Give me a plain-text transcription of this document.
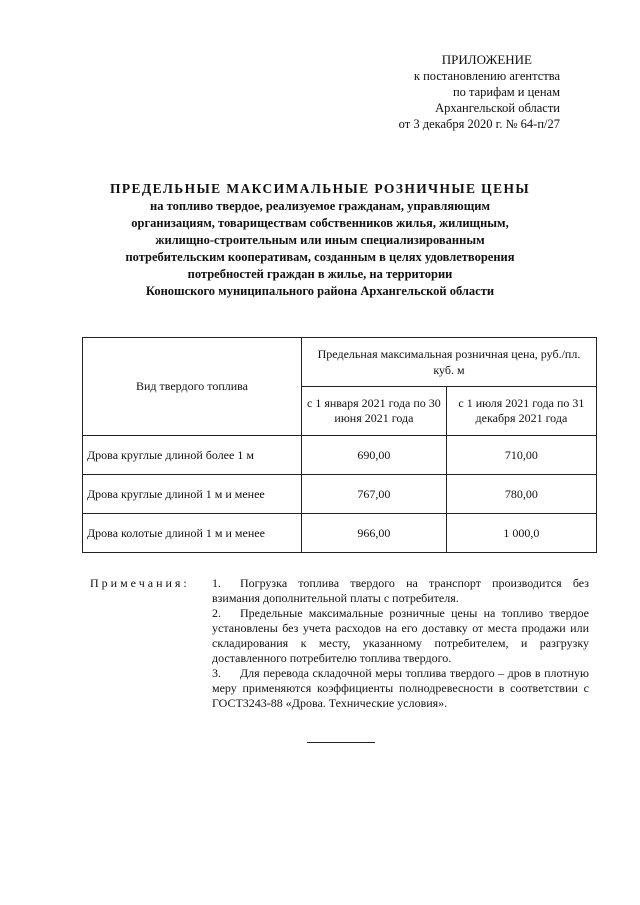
ПРИЛОЖЕНИЕ
к постановлению агентства
по тарифам и ценам
Архангельской области
от 3 декабря 2020 г. № 64-п/27
ПРЕДЕЛЬНЫЕ МАКСИМАЛЬНЫЕ РОЗНИЧНЫЕ ЦЕНЫ
на топливо твердое, реализуемое гражданам, управляющим
организациям, товариществам собственников жилья, жилищным,
жилищно-строительным или иным специализированным
потребительским кооперативам, созданным в целях удовлетворения
потребностей граждан в жилье, на территории
Коношского муниципального района Архангельской области
Вид твердого топлива	Предельная максимальная розничная цена, руб./пл. куб. м	
	с 1 января 2021 года по 30 июня 2021 года	с 1 июля 2021 года по 31 декабря 2021 года
Дрова круглые длиной более 1 м	690,00	710,00
Дрова круглые длиной 1 м и менее	767,00	780,00
Дрова колотые длиной 1 м и менее	966,00	1 000,0
Примечания: 1. Погрузка топлива твердого на транспорт производится без взимания дополнительной платы с потребителя.

2. Предельные максимальные розничные цены на топливо твердое установлены без учета расходов на его доставку от места продажи или складирования к месту, указанному потребителем, и разгрузку доставленного потребителю топлива твердого.

3. Для перевода складочной меры топлива твердого – дров в плотную меру применяются коэффициенты полнодревесности в соответствии с ГОСТ3243-88 «Дрова. Технические условия».
